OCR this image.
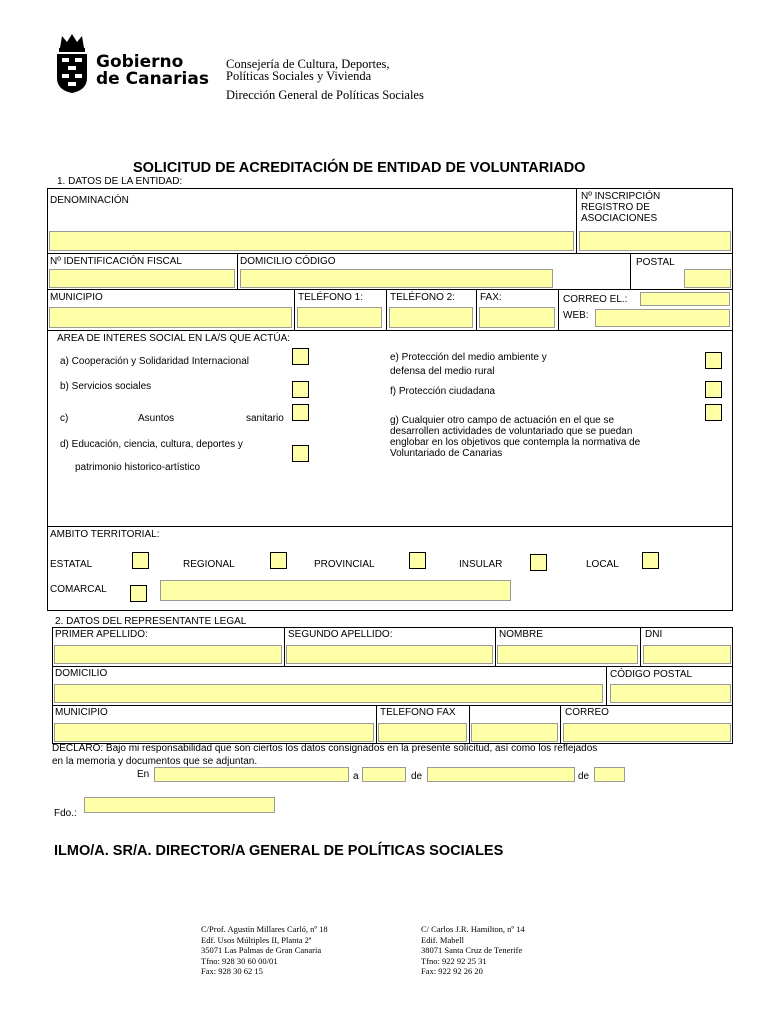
Gobierno
de Canarias
Consejería de Cultura, Deportes,
Políticas Sociales y Vivienda
Dirección General de Políticas Sociales
SOLICITUD DE ACREDITACIÓN DE ENTIDAD DE VOLUNTARIADO
1. DATOS DE LA ENTIDAD:
DENOMINACIÓN	Nº INSCRIPCIÓN
REGISTRO DE
ASOCIACIONES
Nº IDENTIFICACIÓN FISCAL	DOMICILIO CÓDIGO	POSTAL
MUNICIPIO	TELÉFONO 1:	TELÉFONO 2: FAX:	CORREO EL.:
WEB:
AREA DE INTERES SOCIAL EN LA/S QUE ACTÚA:
a) Cooperación y Solidaridad Internacional
b) Servicios sociales
c)	Asuntos	sanitario
d) Educación, ciencia, cultura, deportes y
patrimonio historico-artístico
e) Protección del medio ambiente y
defensa del medio rural
f) Protección ciudadana
g) Cualquier otro campo de actuación en el que se
desarrollen actividades de voluntariado que se puedan
englobar en los objetivos que contempla la normativa de
Voluntariado de Canarias
AMBITO TERRITORIAL:
ESTATAL	REGIONAL	PROVINCIAL	INSULAR	LOCAL
COMARCAL
2. DATOS DEL REPRESENTANTE LEGAL
PRIMER APELLIDO:	SEGUNDO APELLIDO:	NOMBRE	DNI
DOMICILIO	CÓDIGO POSTAL
MUNICIPIO	TELEFONO FAX	CORREO
DECLARO: Bajo mi responsabilidad que son ciertos los datos consignados en la presente solicitud, así como los reflejados
en la memoria y documentos que se adjuntan.
En	a	de	de
Fdo.:
ILMO/A. SR/A. DIRECTOR/A GENERAL DE POLÍTICAS SOCIALES
C/Prof. Agustín Millares Carló, nº 18
Edf. Usos Múltiples II, Planta 2ª
35071 Las Palmas de Gran Canaria
Tfno: 928 30 60 00/01
Fax: 928 30 62 15
C/ Carlos J.R. Hamilton, nº 14
Edif. Mabell
38071 Santa Cruz de Tenerife
Tfno: 922 92 25 31
Fax: 922 92 26 20
